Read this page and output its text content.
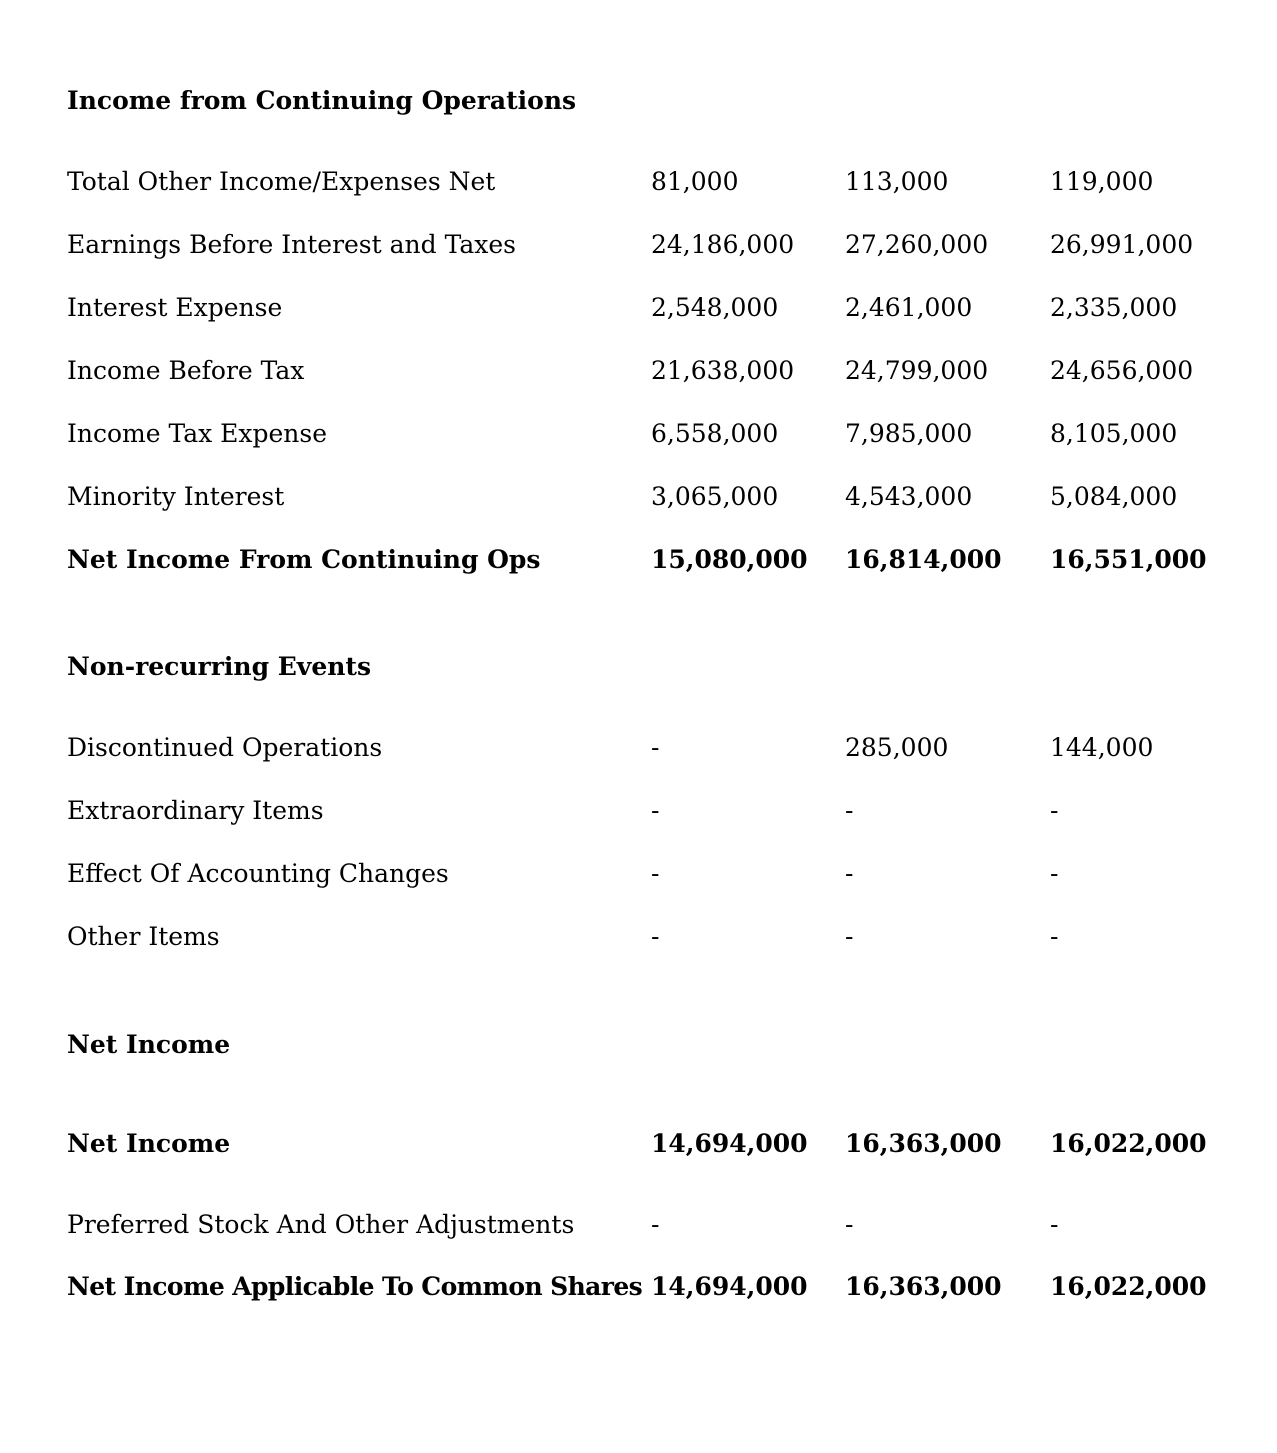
Income from Continuing Operations
Total Other Income/Expenses Net	81,000	113,000	119,000
Earnings Before Interest and Taxes	24,186,000 27,260,000 26,991,000
Interest Expense	2,548,000	2,461,000	2,335,000
Income Before Tax	21,638,000 24,799,000 24,656,000
Income Tax Expense	6,558,000	7,985,000	8,105,000
Minority Interest	3,065,000	4,543,000	5,084,000
Net Income From Continuing Ops	15,080,000 16,814,000 16,551,000
Non-recurring Events
Discontinued Operations	-	285,000	144,000
Extraordinary Items	-	-	-
Effect Of Accounting Changes	-	-	-
Other Items	-	-	-
Net Income
Net Income	14,694,000 16,363,000 16,022,000
Preferred Stock And Other Adjustments	-	-	-
Net Income Applicable To Common Shares 14,694,000 16,363,000 16,022,000
